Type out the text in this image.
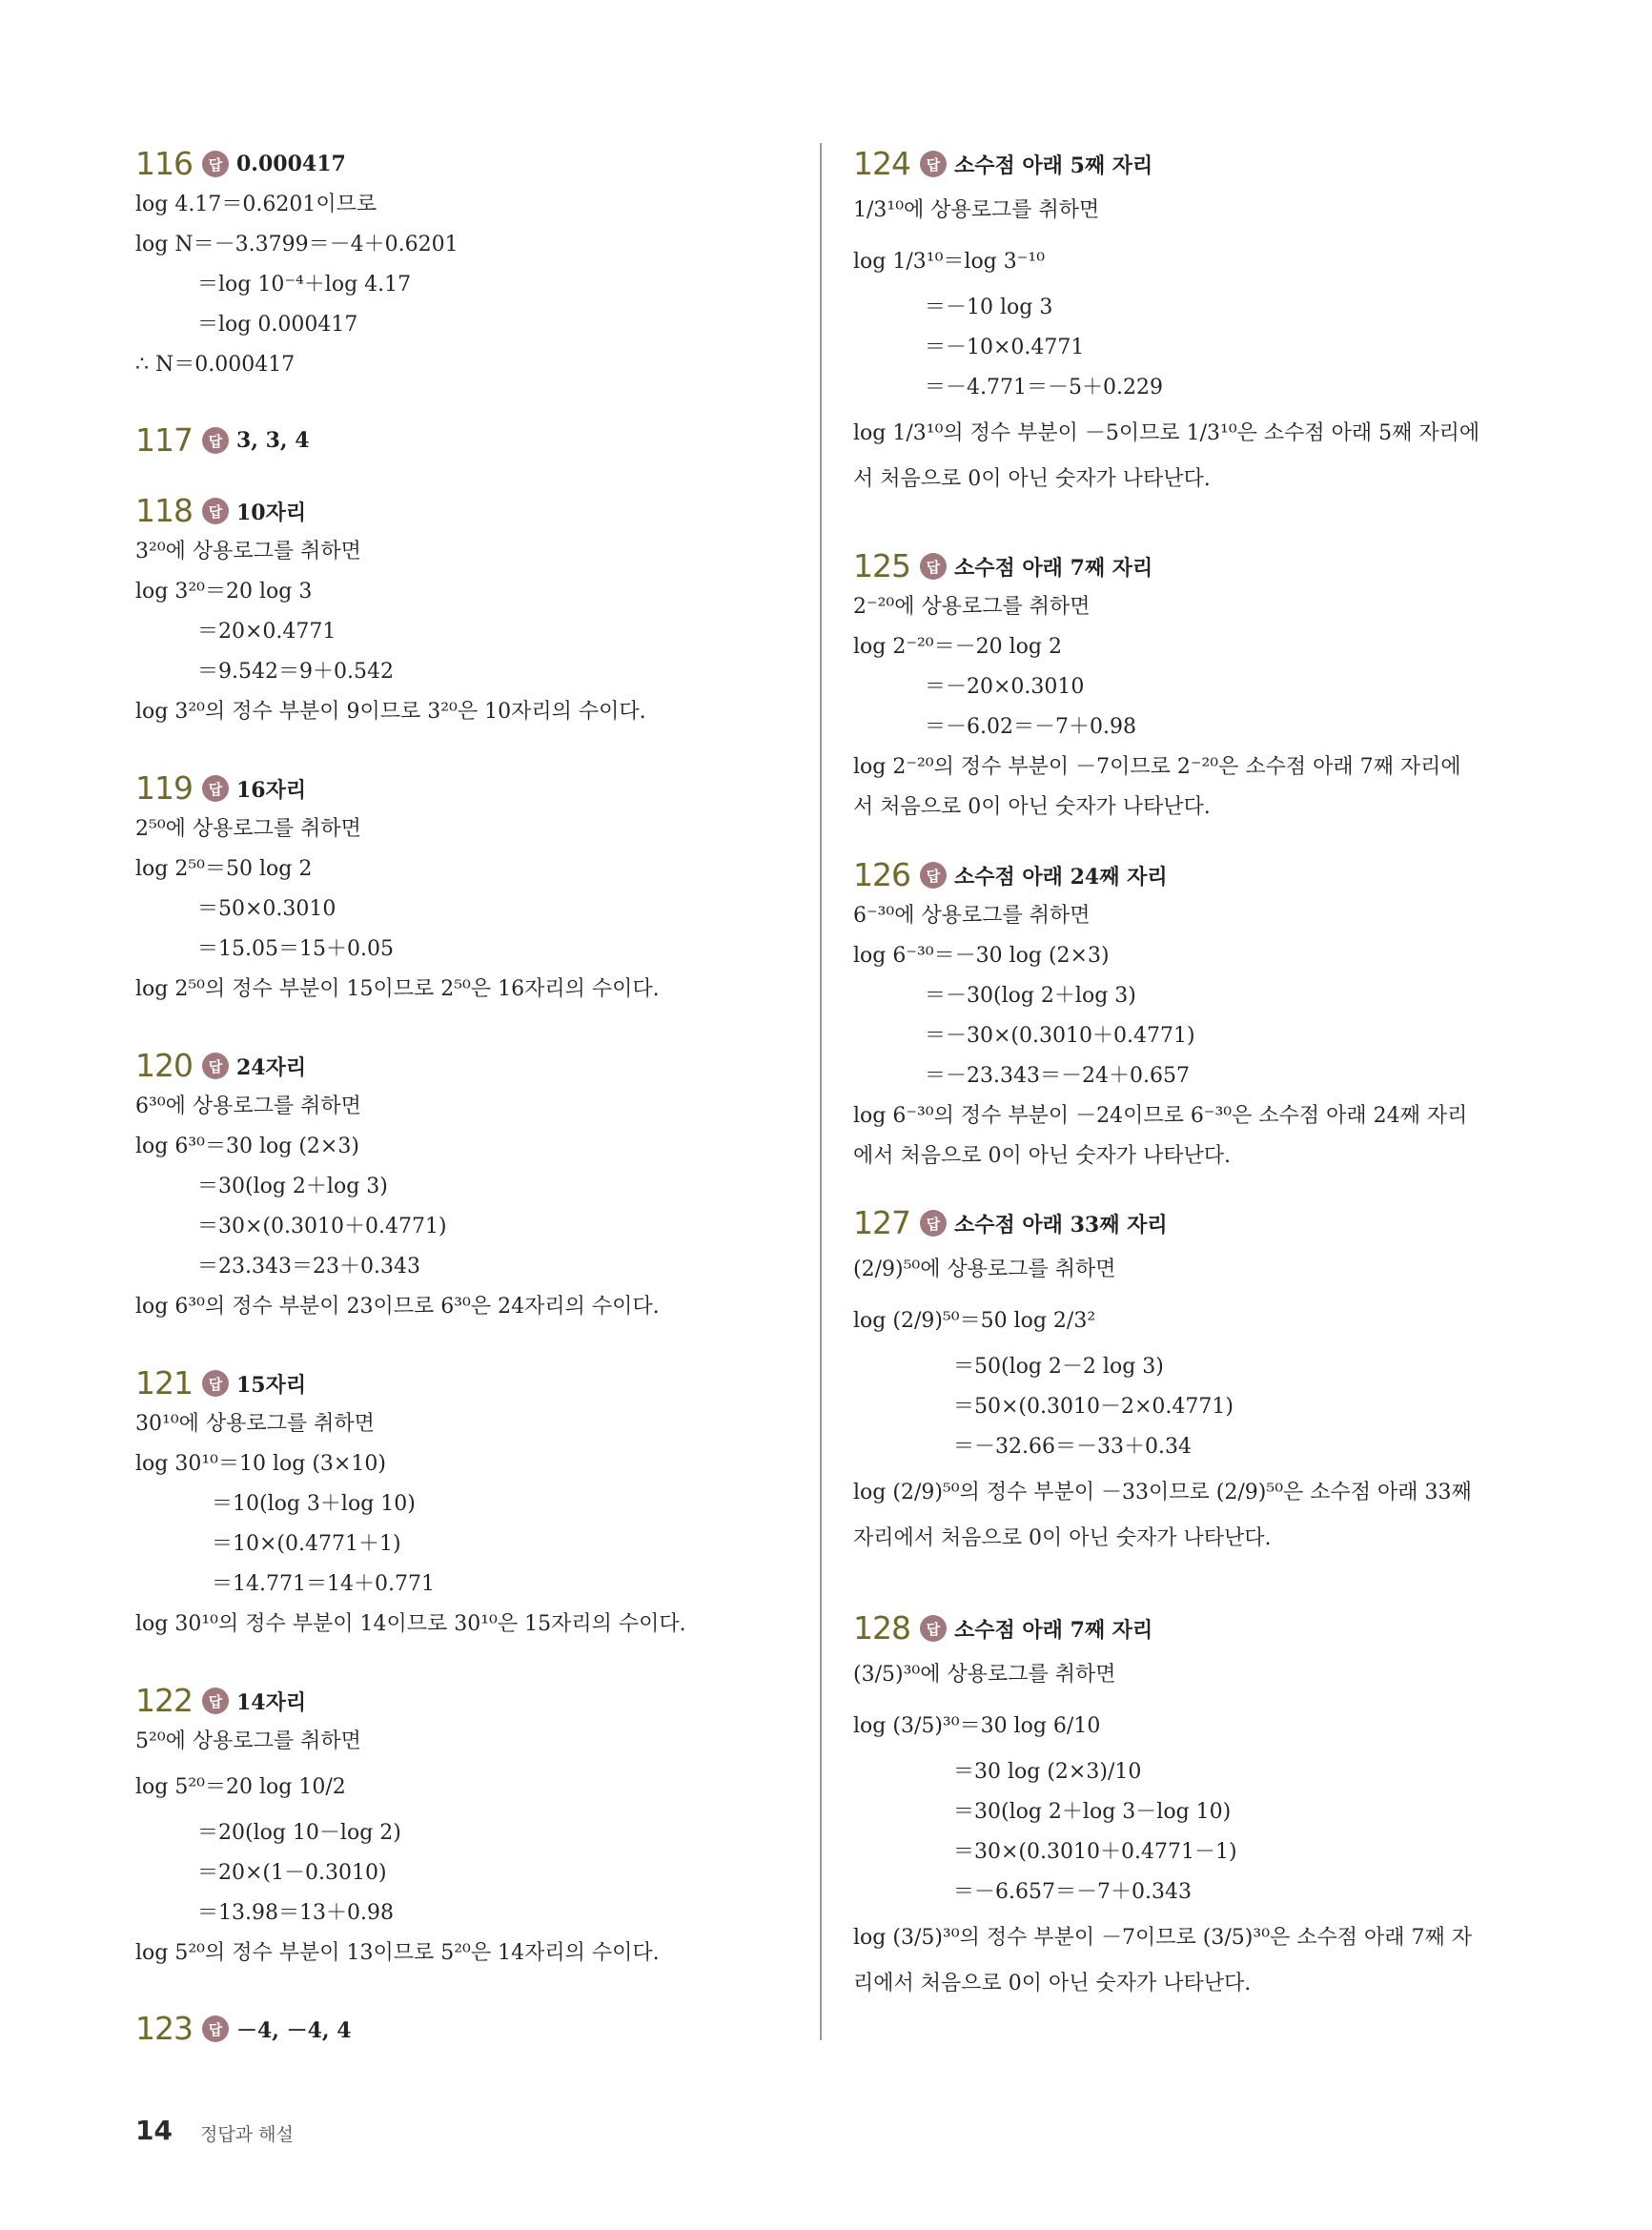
116	답 0.000417
log 4.17＝0.6201이므로
log N＝－3.3799＝－4＋0.6201
＝log 10⁻⁴＋log 4.17
＝log 0.000417
∴ N＝0.000417
117	답 3, 3, 4
118	답 10자리
3²⁰에 상용로그를 취하면
log 3²⁰＝20 log 3
＝20×0.4771
＝9.542＝9＋0.542
log 3²⁰의 정수 부분이 9이므로 3²⁰은 10자리의 수이다.
119	답 16자리
2⁵⁰에 상용로그를 취하면
log 2⁵⁰＝50 log 2
＝50×0.3010
＝15.05＝15＋0.05
log 2⁵⁰의 정수 부분이 15이므로 2⁵⁰은 16자리의 수이다.
120	답 24자리
6³⁰에 상용로그를 취하면
log 6³⁰＝30 log (2×3)
＝30(log 2＋log 3)
＝30×(0.3010＋0.4771)
＝23.343＝23＋0.343
log 6³⁰의 정수 부분이 23이므로 6³⁰은 24자리의 수이다.
121	답 15자리
30¹⁰에 상용로그를 취하면
log 30¹⁰＝10 log (3×10)
＝10(log 3＋log 10)
＝10×(0.4771＋1)
＝14.771＝14＋0.771
log 30¹⁰의 정수 부분이 14이므로 30¹⁰은 15자리의 수이다.
122	답 14자리
5²⁰에 상용로그를 취하면
log 5²⁰＝20 log 10/2
＝20(log 10－log 2)
＝20×(1－0.3010)
＝13.98＝13＋0.98
log 5²⁰의 정수 부분이 13이므로 5²⁰은 14자리의 수이다.
123	답 －4, －4, 4
124	답 소수점 아래 5째 자리
1/3¹⁰에 상용로그를 취하면
log 1/3¹⁰＝log 3⁻¹⁰
＝－10 log 3
＝－10×0.4771
＝－4.771＝－5＋0.229
log 1/3¹⁰의 정수 부분이 －5이므로 1/3¹⁰은 소수점 아래 5째 자리에
서 처음으로 0이 아닌 숫자가 나타난다.
125	답 소수점 아래 7째 자리
2⁻²⁰에 상용로그를 취하면
log 2⁻²⁰＝－20 log 2
＝－20×0.3010
＝－6.02＝－7＋0.98
log 2⁻²⁰의 정수 부분이 －7이므로 2⁻²⁰은 소수점 아래 7째 자리에
서 처음으로 0이 아닌 숫자가 나타난다.
126	답 소수점 아래 24째 자리
6⁻³⁰에 상용로그를 취하면
log 6⁻³⁰＝－30 log (2×3)
＝－30(log 2＋log 3)
＝－30×(0.3010＋0.4771)
＝－23.343＝－24＋0.657
log 6⁻³⁰의 정수 부분이 －24이므로 6⁻³⁰은 소수점 아래 24째 자리
에서 처음으로 0이 아닌 숫자가 나타난다.
127	답 소수점 아래 33째 자리
(2/9)⁵⁰에 상용로그를 취하면
log (2/9)⁵⁰＝50 log 2/3²
＝50(log 2－2 log 3)
＝50×(0.3010－2×0.4771)
＝－32.66＝－33＋0.34
log (2/9)⁵⁰의 정수 부분이 －33이므로 (2/9)⁵⁰은 소수점 아래 33째
자리에서 처음으로 0이 아닌 숫자가 나타난다.
128	답 소수점 아래 7째 자리
(3/5)³⁰에 상용로그를 취하면
log (3/5)³⁰＝30 log 6/10
＝30 log (2×3)/10
＝30(log 2＋log 3－log 10)
＝30×(0.3010＋0.4771－1)
＝－6.657＝－7＋0.343
log (3/5)³⁰의 정수 부분이 －7이므로 (3/5)³⁰은 소수점 아래 7째 자
리에서 처음으로 0이 아닌 숫자가 나타난다.
14 정답과 해설
